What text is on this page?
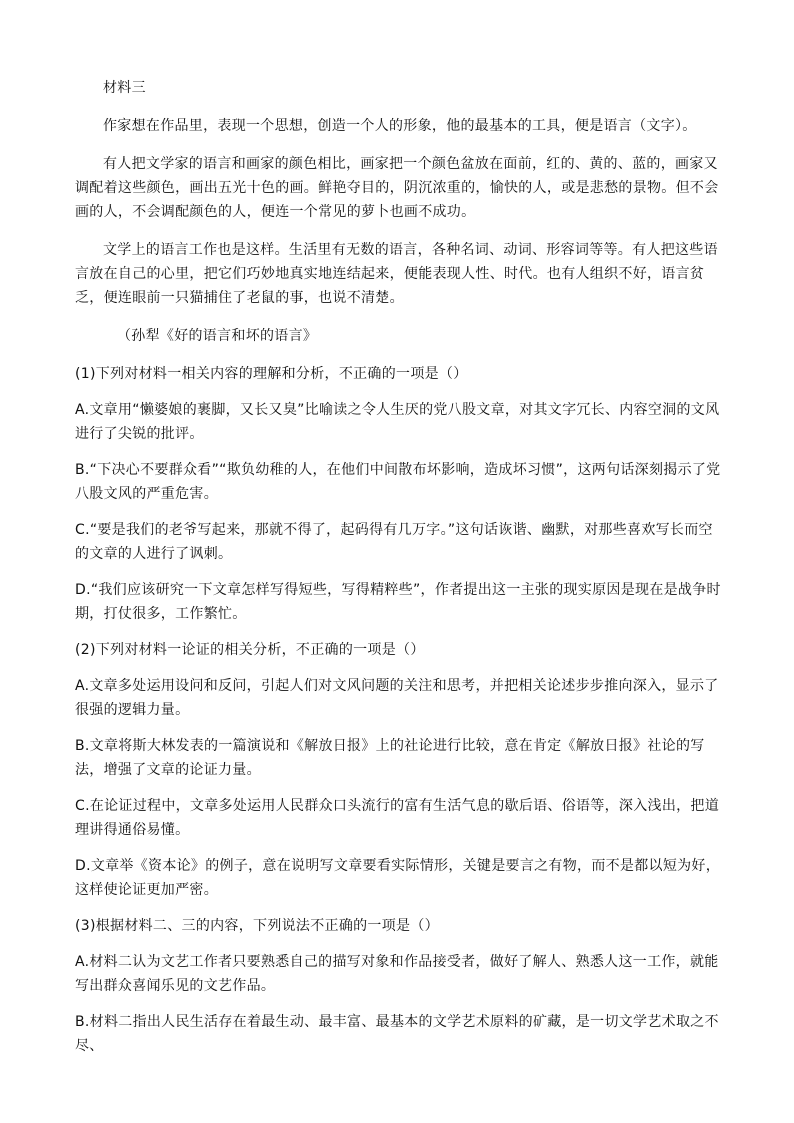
材料三

作家想在作品里，表现一个思想，创造一个人的形象，他的最基本的工具，便是语言（文字）。

有人把文学家的语言和画家的颜色相比，画家把一个颜色盆放在面前，红的、黄的、蓝的，画家又调配着这些颜色，画出五光十色的画。鲜艳夺目的，阴沉浓重的，愉快的人，或是悲愁的景物。但不会画的人，不会调配颜色的人，便连一个常见的萝卜也画不成功。

文学上的语言工作也是这样。生活里有无数的语言，各种名词、动词、形容词等等。有人把这些语言放在自己的心里，把它们巧妙地真实地连结起来，便能表现人性、时代。也有人组织不好，语言贫乏，便连眼前一只猫捕住了老鼠的事，也说不清楚。

（孙犁《好的语言和坏的语言》

(1)下列对材料一相关内容的理解和分析，不正确的一项是（）

A.文章用“懒婆娘的裹脚，又长又臭”比喻读之令人生厌的党八股文章，对其文字冗长、内容空洞的文风进行了尖锐的批评。

B.“下决心不要群众看”“欺负幼稚的人，在他们中间散布坏影响，造成坏习惯”，这两句话深刻揭示了党八股文风的严重危害。

C.“要是我们的老爷写起来，那就不得了，起码得有几万字。”这句话诙谐、幽默，对那些喜欢写长而空的文章的人进行了讽刺。

D.“我们应该研究一下文章怎样写得短些，写得精粹些”，作者提出这一主张的现实原因是现在是战争时期，打仗很多，工作繁忙。

(2)下列对材料一论证的相关分析，不正确的一项是（）

A.文章多处运用设问和反问，引起人们对文风问题的关注和思考，并把相关论述步步推向深入，显示了很强的逻辑力量。

B.文章将斯大林发表的一篇演说和《解放日报》上的社论进行比较，意在肯定《解放日报》社论的写法，增强了文章的论证力量。

C.在论证过程中，文章多处运用人民群众口头流行的富有生活气息的歇后语、俗语等，深入浅出，把道理讲得通俗易懂。

D.文章举《资本论》的例子，意在说明写文章要看实际情形，关键是要言之有物，而不是都以短为好，这样使论证更加严密。

(3)根据材料二、三的内容，下列说法不正确的一项是（）

A.材料二认为文艺工作者只要熟悉自己的描写对象和作品接受者，做好了解人、熟悉人这一工作，就能写出群众喜闻乐见的文艺作品。

B.材料二指出人民生活存在着最生动、最丰富、最基本的文学艺术原料的矿藏，是一切文学艺术取之不尽、
